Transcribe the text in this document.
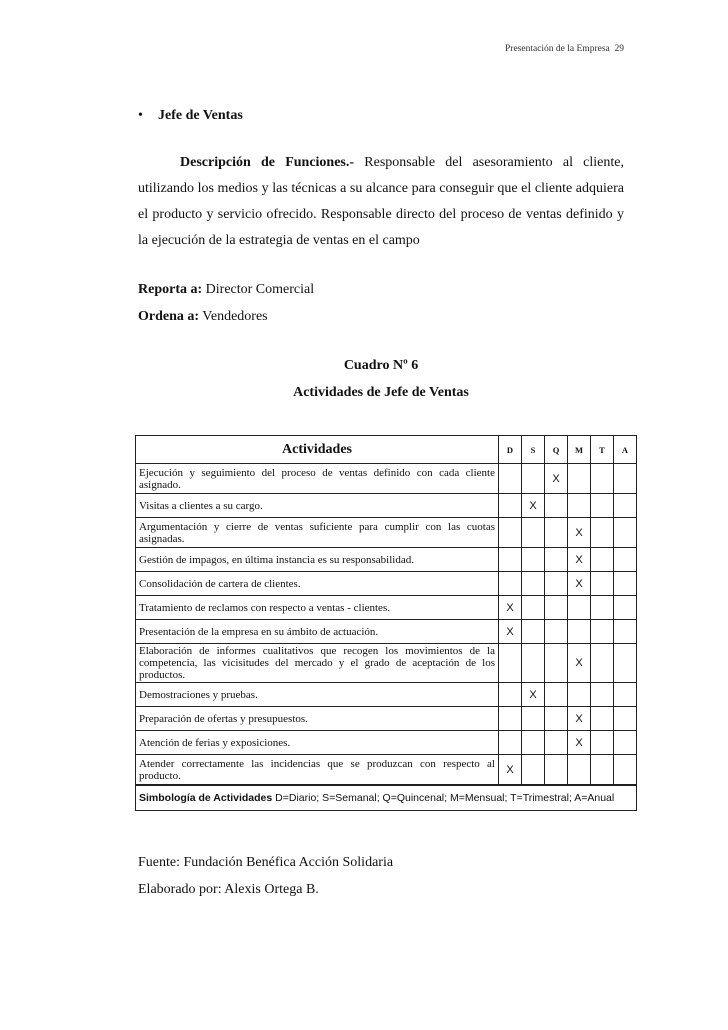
Presentación de la Empresa 29
• Jefe de Ventas
Descripción de Funciones.- Responsable del asesoramiento al cliente, utilizando los medios y las técnicas a su alcance para conseguir que el cliente adquiera el producto y servicio ofrecido. Responsable directo del proceso de ventas definido y la ejecución de la estrategia de ventas en el campo
Reporta a: Director Comercial
Ordena a: Vendedores
Cuadro Nº 6
Actividades de Jefe de Ventas
Actividades	D	S	Q	M	T	A
Ejecución y seguimiento del proceso de ventas definido con cada cliente asignado.			X			
Visitas a clientes a su cargo.		X				
Argumentación y cierre de ventas suficiente para cumplir con las cuotas asignadas.				X		
Gestión de impagos, en última instancia es su responsabilidad.				X		
Consolidación de cartera de clientes.				X		
Tratamiento de reclamos con respecto a ventas - clientes.	X					
Presentación de la empresa en su ámbito de actuación.	X					
Elaboración de informes cualitativos que recogen los movimientos de la competencia, las vicisitudes del mercado y el grado de aceptación de los productos.				X		
Demostraciones y pruebas.		X				
Preparación de ofertas y presupuestos.				X		
Atención de ferias y exposiciones.				X		
Atender correctamente las incidencias que se produzcan con respecto al producto.	X					
Simbología de Actividades D=Diario; S=Semanal; Q=Quincenal; M=Mensual; T=Trimestral; A=Anual						
Fuente: Fundación Benéfica Acción Solidaria
Elaborado por: Alexis Ortega B.
